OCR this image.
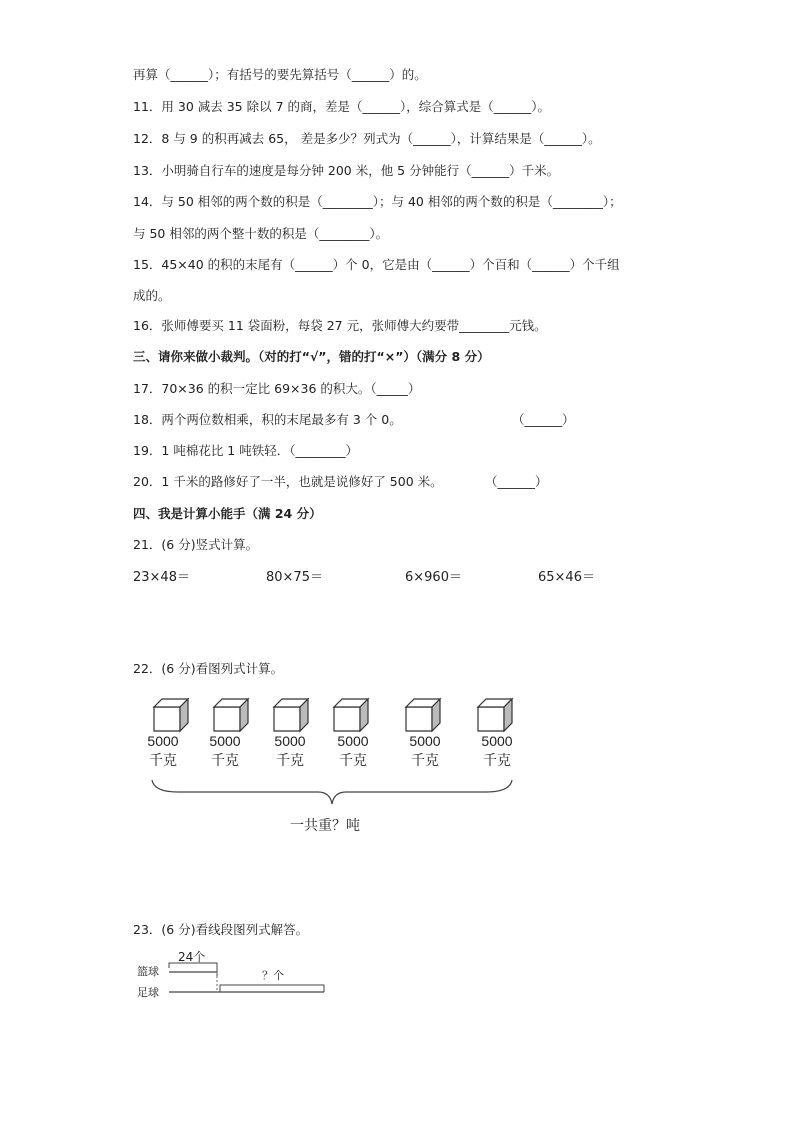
再算（______）；有括号的要先算括号（______）的。
11．用 30 减去 35 除以 7 的商，差是（______），综合算式是（______）。
12．8 与 9 的积再减去 65， 差是多少？列式为（______），计算结果是（______）。
13．小明骑自行车的速度是每分钟 200 米，他 5 分钟能行（______）千米。
14．与 50 相邻的两个数的积是（________）；与 40 相邻的两个数的积是（________）；
与 50 相邻的两个整十数的积是（________）。
15．45×40 的积的末尾有（______）个 0，它是由（______）个百和（______）个千组
成的。
16．张师傅要买 11 袋面粉，每袋 27 元，张师傅大约要带________元钱。
三、请你来做小裁判。（对的打“√”，错的打“×”）（满分 8 分）
17．70×36 的积一定比 69×36 的积大。（_____）
18．两个两位数相乘，积的末尾最多有 3 个 0。	（______）
19．1 吨棉花比 1 吨铁轻．（________）
20．1 千米的路修好了一半，也就是说修好了 500 米。	（______）
四、我是计算小能手（满 24 分）
21．(6 分)竖式计算。
23×48＝	80×75＝	6×960＝	65×46＝
22．(6 分)看图列式计算。
5000
千克
5000
千克
5000
千克
5000
千克
5000
千克
5000
千克
一共重？吨
23．(6 分)看线段图列式解答。
24个
篮球
足球
？个
